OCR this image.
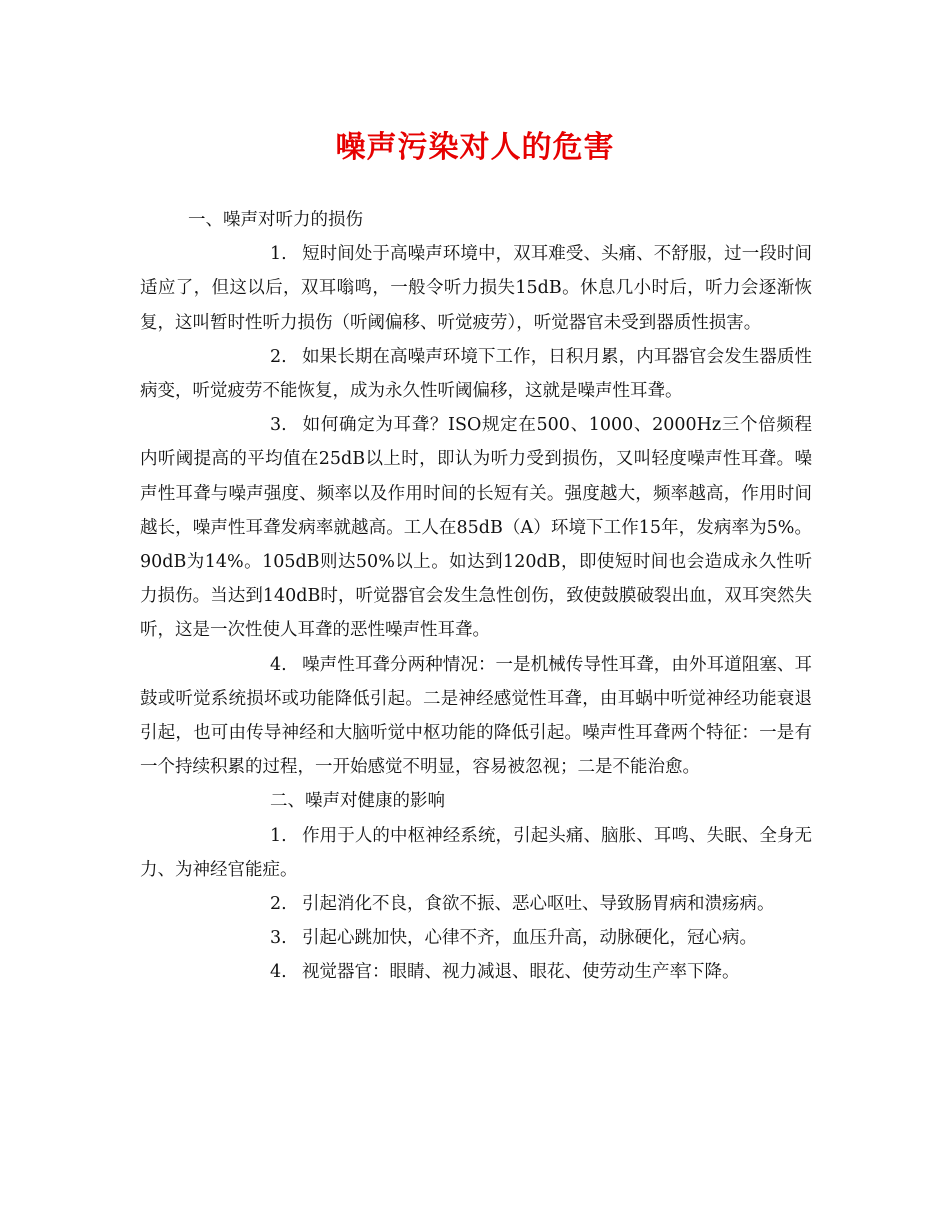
噪声污染对人的危害

一、噪声对听力的损伤

1. 短时间处于高噪声环境中，双耳难受、头痛、不舒服，过一段时间适应了，但这以后，双耳嗡鸣，一般令听力损失15dB。休息几小时后，听力会逐渐恢复，这叫暂时性听力损伤（听阈偏移、听觉疲劳），听觉器官未受到器质性损害。

2. 如果长期在高噪声环境下工作，日积月累，内耳器官会发生器质性病变，听觉疲劳不能恢复，成为永久性听阈偏移，这就是噪声性耳聋。

3. 如何确定为耳聋？ISO规定在500、1000、2000Hz三个倍频程内听阈提高的平均值在25dB以上时，即认为听力受到损伤，又叫轻度噪声性耳聋。噪声性耳聋与噪声强度、频率以及作用时间的长短有关。强度越大，频率越高，作用时间越长，噪声性耳聋发病率就越高。工人在85dB（A）环境下工作15年，发病率为5%。90dB为14%。105dB则达50%以上。如达到120dB，即使短时间也会造成永久性听力损伤。当达到140dB时，听觉器官会发生急性创伤，致使鼓膜破裂出血，双耳突然失听，这是一次性使人耳聋的恶性噪声性耳聋。

4. 噪声性耳聋分两种情况：一是机械传导性耳聋，由外耳道阻塞、耳鼓或听觉系统损坏或功能降低引起。二是神经感觉性耳聋，由耳蜗中听觉神经功能衰退引起，也可由传导神经和大脑听觉中枢功能的降低引起。噪声性耳聋两个特征：一是有一个持续积累的过程，一开始感觉不明显，容易被忽视；二是不能治愈。

二、噪声对健康的影响

1. 作用于人的中枢神经系统，引起头痛、脑胀、耳鸣、失眠、全身无力、为神经官能症。

2. 引起消化不良，食欲不振、恶心呕吐、导致肠胃病和溃疡病。

3. 引起心跳加快，心律不齐，血压升高，动脉硬化，冠心病。

4. 视觉器官：眼睛、视力减退、眼花、使劳动生产率下降。
